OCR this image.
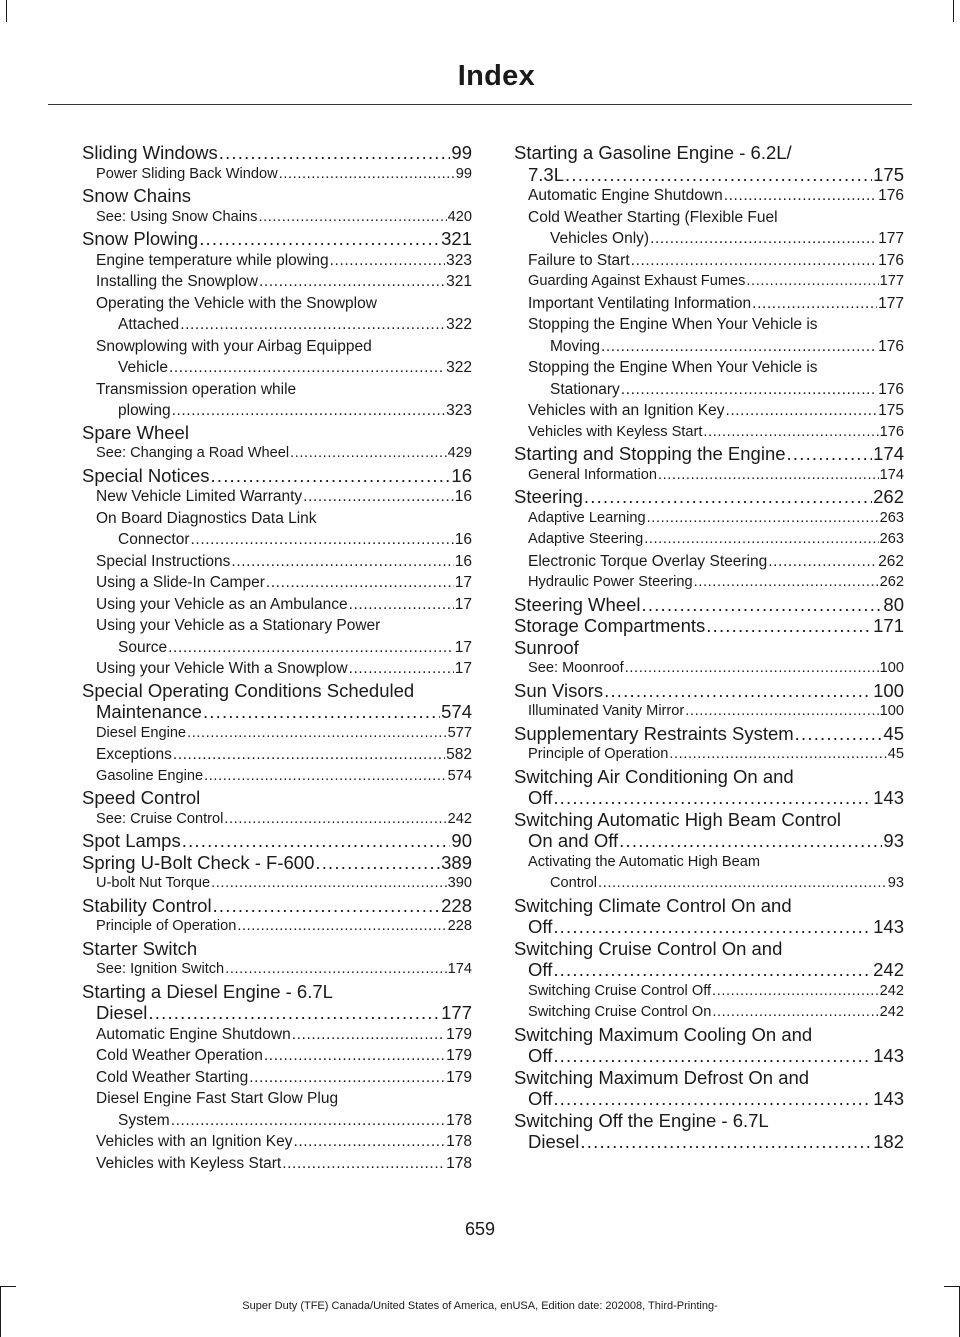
Index
Sliding Windows .....	99
Power Sliding Back Window .....	99
Snow Chains
See: Using Snow Chains .....	420
Snow Plowing .....	321
Engine temperature while plowing .....	323
Installing the Snowplow .....	321
Operating the Vehicle with the Snowplow
Attached .....	322
Snowplowing with your Airbag Equipped
Vehicle .....	322
Transmission operation while
plowing .....	323
Spare Wheel
See: Changing a Road Wheel .....	429
Special Notices .....	16
New Vehicle Limited Warranty .....	16
On Board Diagnostics Data Link
Connector .....	16
Special Instructions .....	16
Using a Slide-In Camper .....	17
Using your Vehicle as an Ambulance .....	17
Using your Vehicle as a Stationary Power
Source .....	17
Using your Vehicle With a Snowplow .....	17
Special Operating Conditions Scheduled
Maintenance .....	574
Diesel Engine .....	577
Exceptions .....	582
Gasoline Engine .....	574
Speed Control
See: Cruise Control .....	242
Spot Lamps .....	90
Spring U-Bolt Check - F-600 .....	389
U-bolt Nut Torque .....	390
Stability Control .....	228
Principle of Operation .....	228
Starter Switch
See: Ignition Switch .....	174
Starting a Diesel Engine - 6.7L
Diesel .....	177
Automatic Engine Shutdown .....	179
Cold Weather Operation .....	179
Cold Weather Starting .....	179
Diesel Engine Fast Start Glow Plug
System .....	178
Vehicles with an Ignition Key .....	178
Vehicles with Keyless Start .....	178
Starting a Gasoline Engine - 6.2L/
7.3L .....	175
Automatic Engine Shutdown .....	176
Cold Weather Starting (Flexible Fuel
Vehicles Only) .....	177
Failure to Start .....	176
Guarding Against Exhaust Fumes .....	177
Important Ventilating Information .....	177
Stopping the Engine When Your Vehicle is
Moving .....	176
Stopping the Engine When Your Vehicle is
Stationary .....	176
Vehicles with an Ignition Key .....	175
Vehicles with Keyless Start .....	176
Starting and Stopping the Engine .....	174
General Information .....	174
Steering .....	262
Adaptive Learning .....	263
Adaptive Steering .....	263
Electronic Torque Overlay Steering .....	262
Hydraulic Power Steering .....	262
Steering Wheel .....	80
Storage Compartments .....	171
Sunroof
See: Moonroof .....	100
Sun Visors .....	100
Illuminated Vanity Mirror .....	100
Supplementary Restraints System .....	45
Principle of Operation .....	45
Switching Air Conditioning On and
Off .....	143
Switching Automatic High Beam Control
On and Off .....	93
Activating the Automatic High Beam
Control .....	93
Switching Climate Control On and
Off .....	143
Switching Cruise Control On and
Off .....	242
Switching Cruise Control Off .....	242
Switching Cruise Control On .....	242
Switching Maximum Cooling On and
Off .....	143
Switching Maximum Defrost On and
Off .....	143
Switching Off the Engine - 6.7L
Diesel .....	182
659
Super Duty (TFE) Canada/United States of America, enUSA, Edition date: 202008, Third-Printing-
